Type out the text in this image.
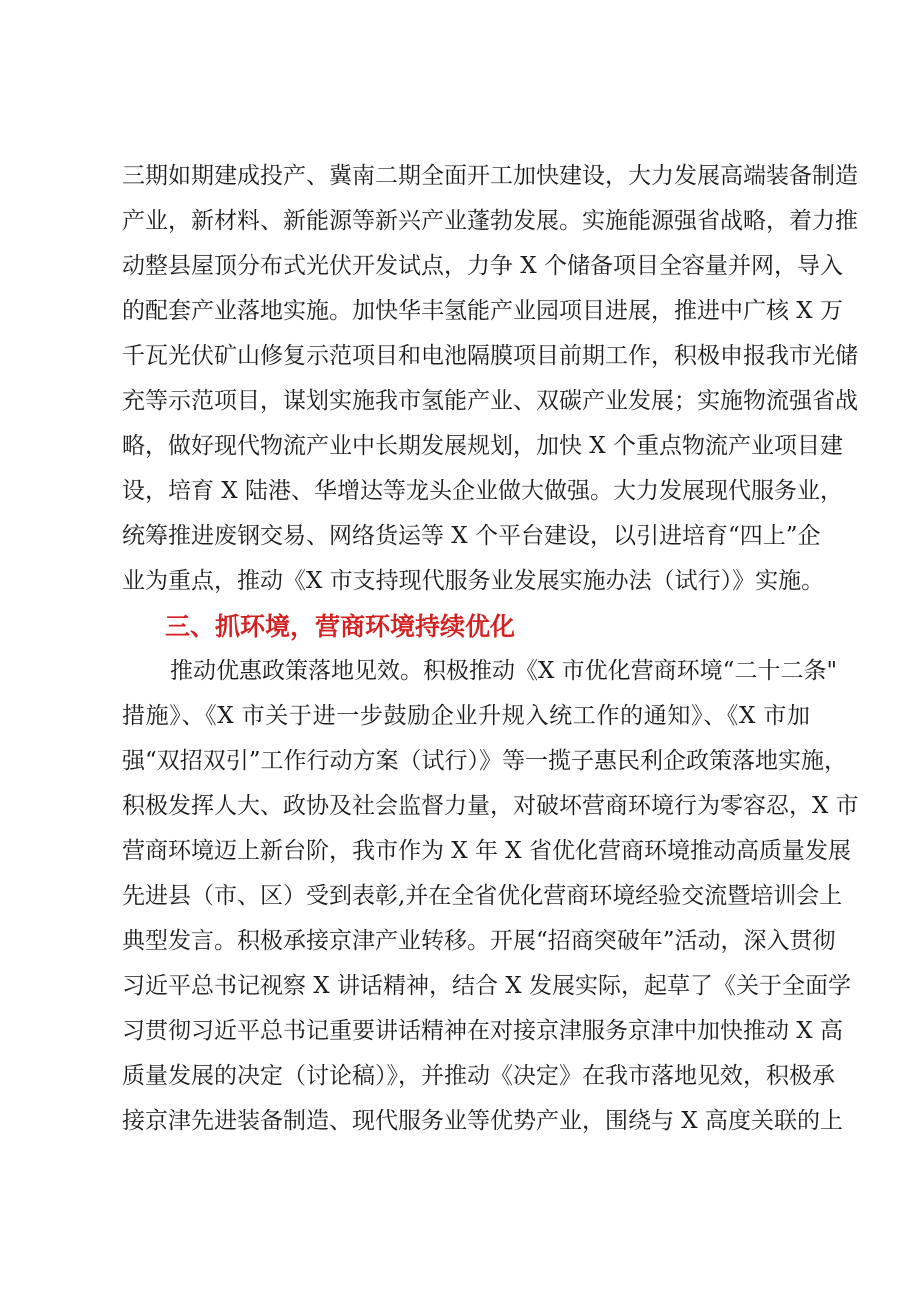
三期如期建成投产、冀南二期全面开工加快建设，大力发展高端装备制造
产业，新材料、新能源等新兴产业蓬勃发展。实施能源强省战略，着力推
动整县屋顶分布式光伏开发试点，力争 X 个储备项目全容量并网，导入
的配套产业落地实施。加快华丰氢能产业园项目进展，推进中广核 X 万
千瓦光伏矿山修复示范项目和电池隔膜项目前期工作，积极申报我市光储
充等示范项目，谋划实施我市氢能产业、双碳产业发展；实施物流强省战
略，做好现代物流产业中长期发展规划，加快 X 个重点物流产业项目建
设，培育 X 陆港、华增达等龙头企业做大做强。大力发展现代服务业，
统筹推进废钢交易、网络货运等 X 个平台建设，以引进培育“四上”企
业为重点，推动《X 市支持现代服务业发展实施办法（试行）》实施。
三、抓环境，营商环境持续优化
推动优惠政策落地见效。积极推动《X 市优化营商环境“二十二条"
措施》、《X 市关于进一步鼓励企业升规入统工作的通知》、《X 市加
强“双招双引”工作行动方案（试行）》等一揽子惠民利企政策落地实施，
积极发挥人大、政协及社会监督力量，对破坏营商环境行为零容忍，X 市
营商环境迈上新台阶，我市作为 X 年 X 省优化营商环境推动高质量发展
先进县（市、区）受到表彰,并在全省优化营商环境经验交流暨培训会上
典型发言。积极承接京津产业转移。开展“招商突破年”活动，深入贯彻
习近平总书记视察 X 讲话精神，结合 X 发展实际，起草了《关于全面学
习贯彻习近平总书记重要讲话精神在对接京津服务京津中加快推动 X 高
质量发展的决定（讨论稿）》，并推动《决定》在我市落地见效，积极承
接京津先进装备制造、现代服务业等优势产业，围绕与 X 高度关联的上
